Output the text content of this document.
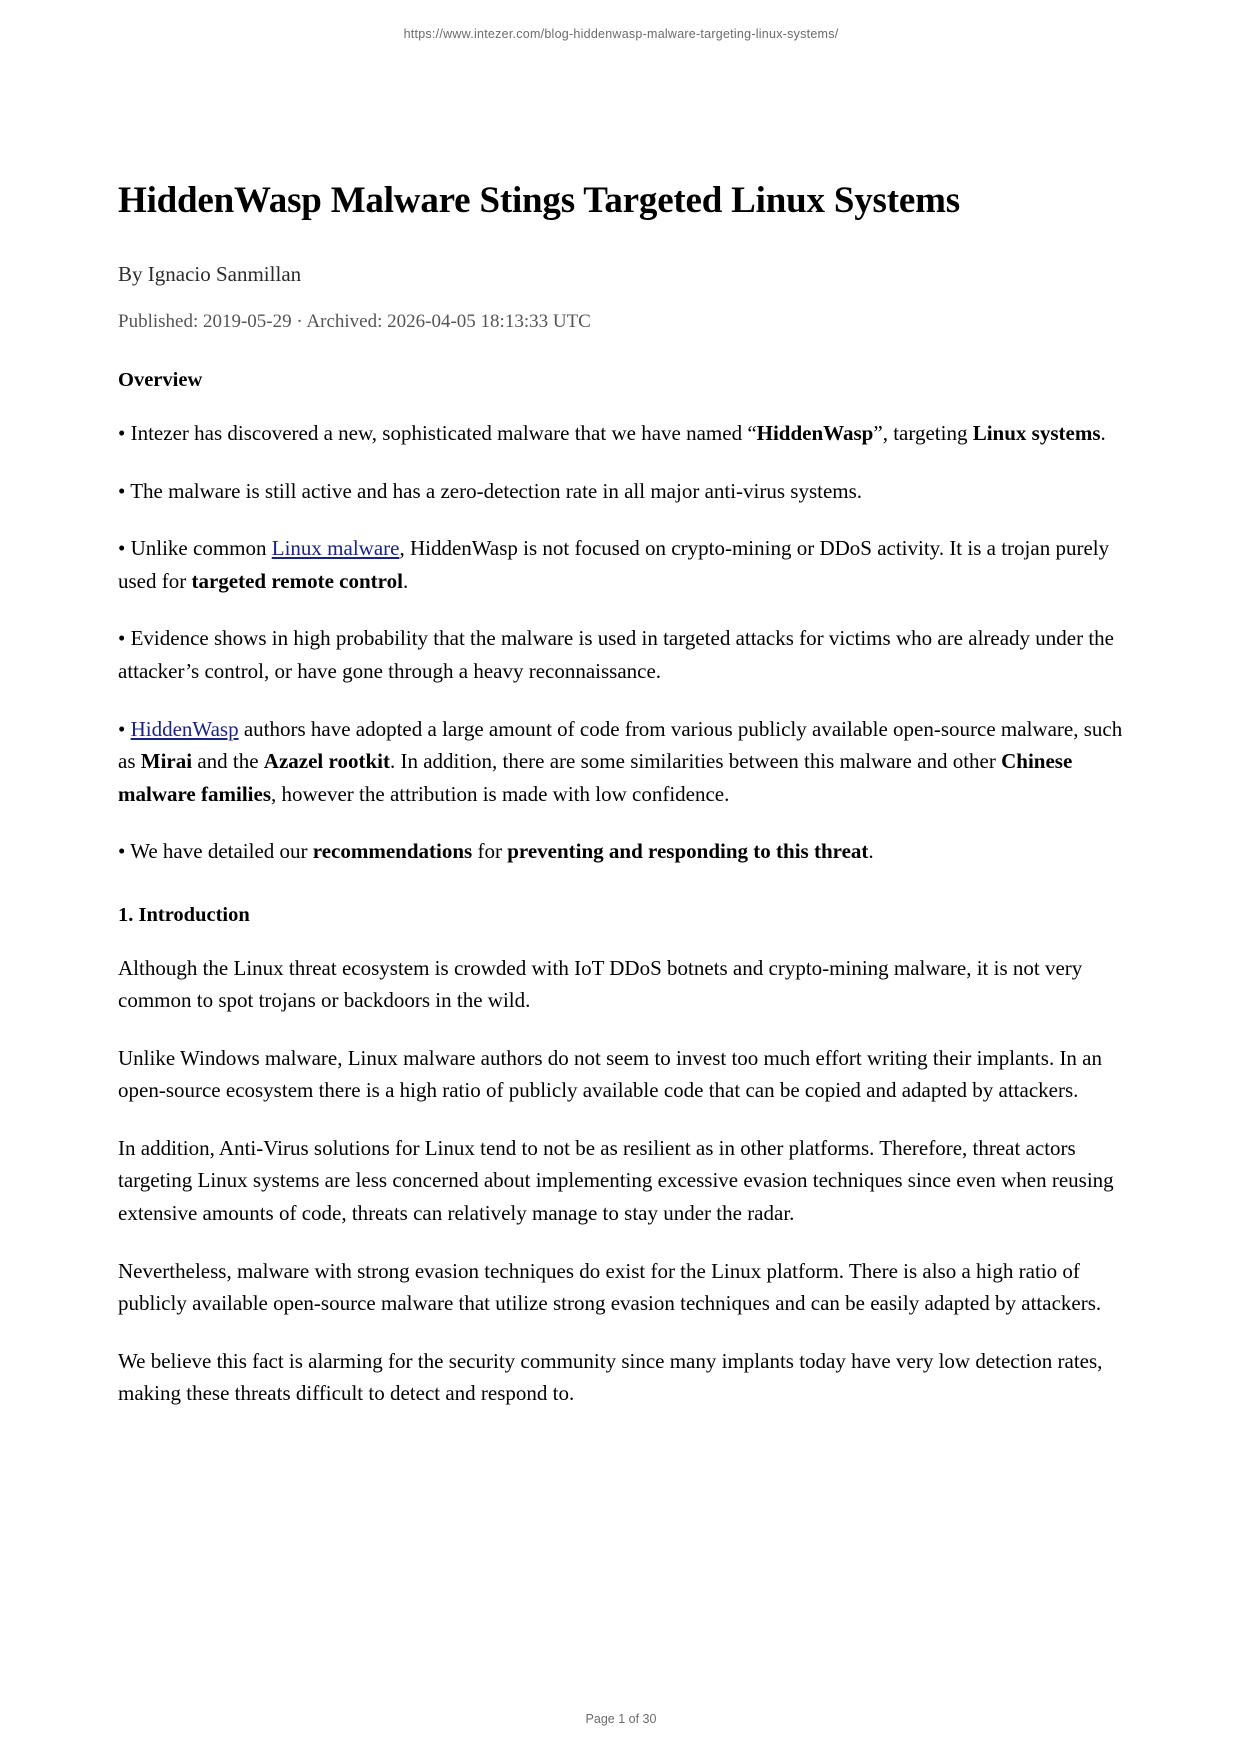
https://www.intezer.com/blog-hiddenwasp-malware-targeting-linux-systems/
HiddenWasp Malware Stings Targeted Linux Systems
By Ignacio Sanmillan
Published: 2019-05-29 · Archived: 2026-04-05 18:13:33 UTC
Overview

• Intezer has discovered a new, sophisticated malware that we have named “HiddenWasp”, targeting Linux systems.

• The malware is still active and has a zero-detection rate in all major anti-virus systems.

• Unlike common Linux malware, HiddenWasp is not focused on crypto-mining or DDoS activity. It is a trojan purely used for targeted remote control.

• Evidence shows in high probability that the malware is used in targeted attacks for victims who are already under the attacker’s control, or have gone through a heavy reconnaissance.

• HiddenWasp authors have adopted a large amount of code from various publicly available open-source malware, such as Mirai and the Azazel rootkit. In addition, there are some similarities between this malware and other Chinese malware families, however the attribution is made with low confidence.

• We have detailed our recommendations for preventing and responding to this threat.

1. Introduction

Although the Linux threat ecosystem is crowded with IoT DDoS botnets and crypto-mining malware, it is not very common to spot trojans or backdoors in the wild.

Unlike Windows malware, Linux malware authors do not seem to invest too much effort writing their implants. In an open-source ecosystem there is a high ratio of publicly available code that can be copied and adapted by attackers.

In addition, Anti-Virus solutions for Linux tend to not be as resilient as in other platforms. Therefore, threat actors targeting Linux systems are less concerned about implementing excessive evasion techniques since even when reusing extensive amounts of code, threats can relatively manage to stay under the radar.

Nevertheless, malware with strong evasion techniques do exist for the Linux platform. There is also a high ratio of publicly available open-source malware that utilize strong evasion techniques and can be easily adapted by attackers.

We believe this fact is alarming for the security community since many implants today have very low detection rates, making these threats difficult to detect and respond to.

Page 1 of 30
